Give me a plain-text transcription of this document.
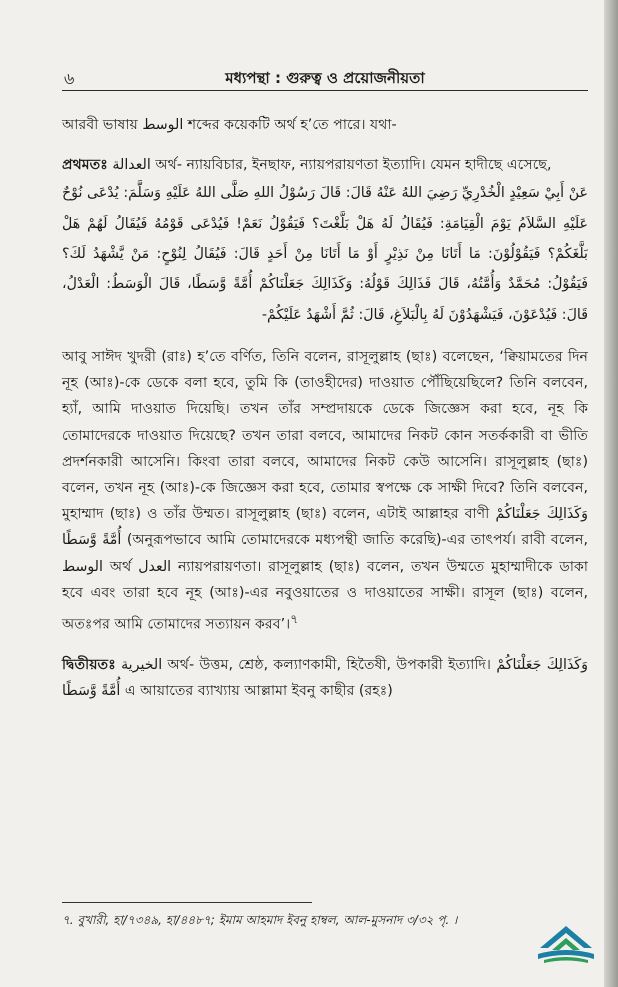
৬	মধ্যপন্থা : গুরুত্ব ও প্রয়োজনীয়তা

আরবী ভাষায় الوسط শব্দের কয়েকটি অর্থ হ’তে পারে। যথা-

প্রথমতঃ العدالة অর্থ- ন্যায়বিচার, ইনছাফ, ন্যায়পরায়ণতা ইত্যাদি। যেমন হাদীছে এসেছে,

عَنْ أَبِيْ سَعِيْدٍ الْخُدْرِيِّ رَضِيَ اللهُ عَنْهُ قَالَ: قَالَ رَسُوْلُ اللهِ صَلَّى اللهُ عَلَيْهِ وَسَلَّمَ: يُدْعَى نُوْحٌ عَلَيْهِ السَّلاَمُ يَوْمَ الْقِيَامَةِ: فَيُقَالُ لَهُ هَلْ بَلَّغْتَ؟ فَيَقُوْلُ نَعَمْ! فَيُدْعَى قَوْمُهُ فَيُقَالُ لَهُمْ هَلْ بَلَّغَكُمْ؟ فَيَقُوْلُوْنَ: مَا أَتَانَا مِنْ نَذِيْرٍ أَوْ مَا أَتَانَا مِنْ أَحَدٍ قَالَ: فَيُقَالُ لِنُوْحٍ: مَنْ يَّشْهَدُ لَكَ؟ فَيَقُوْلُ: مُحَمَّدٌ وَأُمَّتُهُ، قَالَ فَذَالِكَ قَوْلُهُ: وَكَذَالِكَ جَعَلْنَاكُمْ أُمَّةً وَّسَطًا، قَالَ الْوَسَطُ: الْعَدْلُ، قَالَ: فَيُدْعَوْنَ، فَيَشْهَدُوْنَ لَهُ بِالْبَلاَغِ، قَالَ: ثُمَّ أَشْهَدُ عَلَيْكُمْ-

আবু সাঈদ খুদরী (রাঃ) হ’তে বর্ণিত, তিনি বলেন, রাসূলুল্লাহ (ছাঃ) বলেছেন, ‘ক্বিয়ামতের দিন নূহ (আঃ)-কে ডেকে বলা হবে, তুমি কি (তাওহীদের) দাওয়াত পৌঁছিয়েছিলে? তিনি বলবেন, হ্যাঁ, আমি দাওয়াত দিয়েছি। তখন তাঁর সম্প্রদায়কে ডেকে জিজ্ঞেস করা হবে, নূহ কি তোমাদেরকে দাওয়াত দিয়েছে? তখন তারা বলবে, আমাদের নিকট কোন সতর্ককারী বা ভীতি প্রদর্শনকারী আসেনি। কিংবা তারা বলবে, আমাদের নিকট কেউ আসেনি। রাসূলুল্লাহ (ছাঃ) বলেন, তখন নূহ (আঃ)-কে জিজ্ঞেস করা হবে, তোমার স্বপক্ষে কে সাক্ষী দিবে? তিনি বলবেন, মুহাম্মাদ (ছাঃ) ও তাঁর উম্মত। রাসূলুল্লাহ (ছাঃ) বলেন, এটাই আল্লাহর বাণী وَكَذَالِكَ جَعَلْنَاكُمْ أُمَّةً وَّسَطًا (অনুরূপভাবে আমি তোমাদেরকে মধ্যপন্থী জাতি করেছি)-এর তাৎপর্য। রাবী বলেন, الوسط অর্থ العدل ন্যায়পরায়ণতা। রাসূলুল্লাহ (ছাঃ) বলেন, তখন উম্মতে মুহাম্মাদীকে ডাকা হবে এবং তারা হবে নূহ (আঃ)-এর নবুওয়াতের ও দাওয়াতের সাক্ষী। রাসূল (ছাঃ) বলেন, অতঃপর আমি তোমাদের সত্যায়ন করব’।$^৭$

দ্বিতীয়তঃ الخيرية অর্থ- উত্তম, শ্রেষ্ঠ, কল্যাণকামী, হিতৈষী, উপকারী ইত্যাদি। وَكَذَالِكَ جَعَلْنَاكُمْ أُمَّةً وَّسَطًا এ আয়াতের ব্যাখ্যায় আল্লামা ইবনু কাছীর (রহঃ)

৭. বুখারী, হা/৭৩৪৯, হা/৪৪৮৭; ইমাম আহমাদ ইবনু হাম্বল, আল-মুসনাদ ৩/৩২ পৃ. ।
